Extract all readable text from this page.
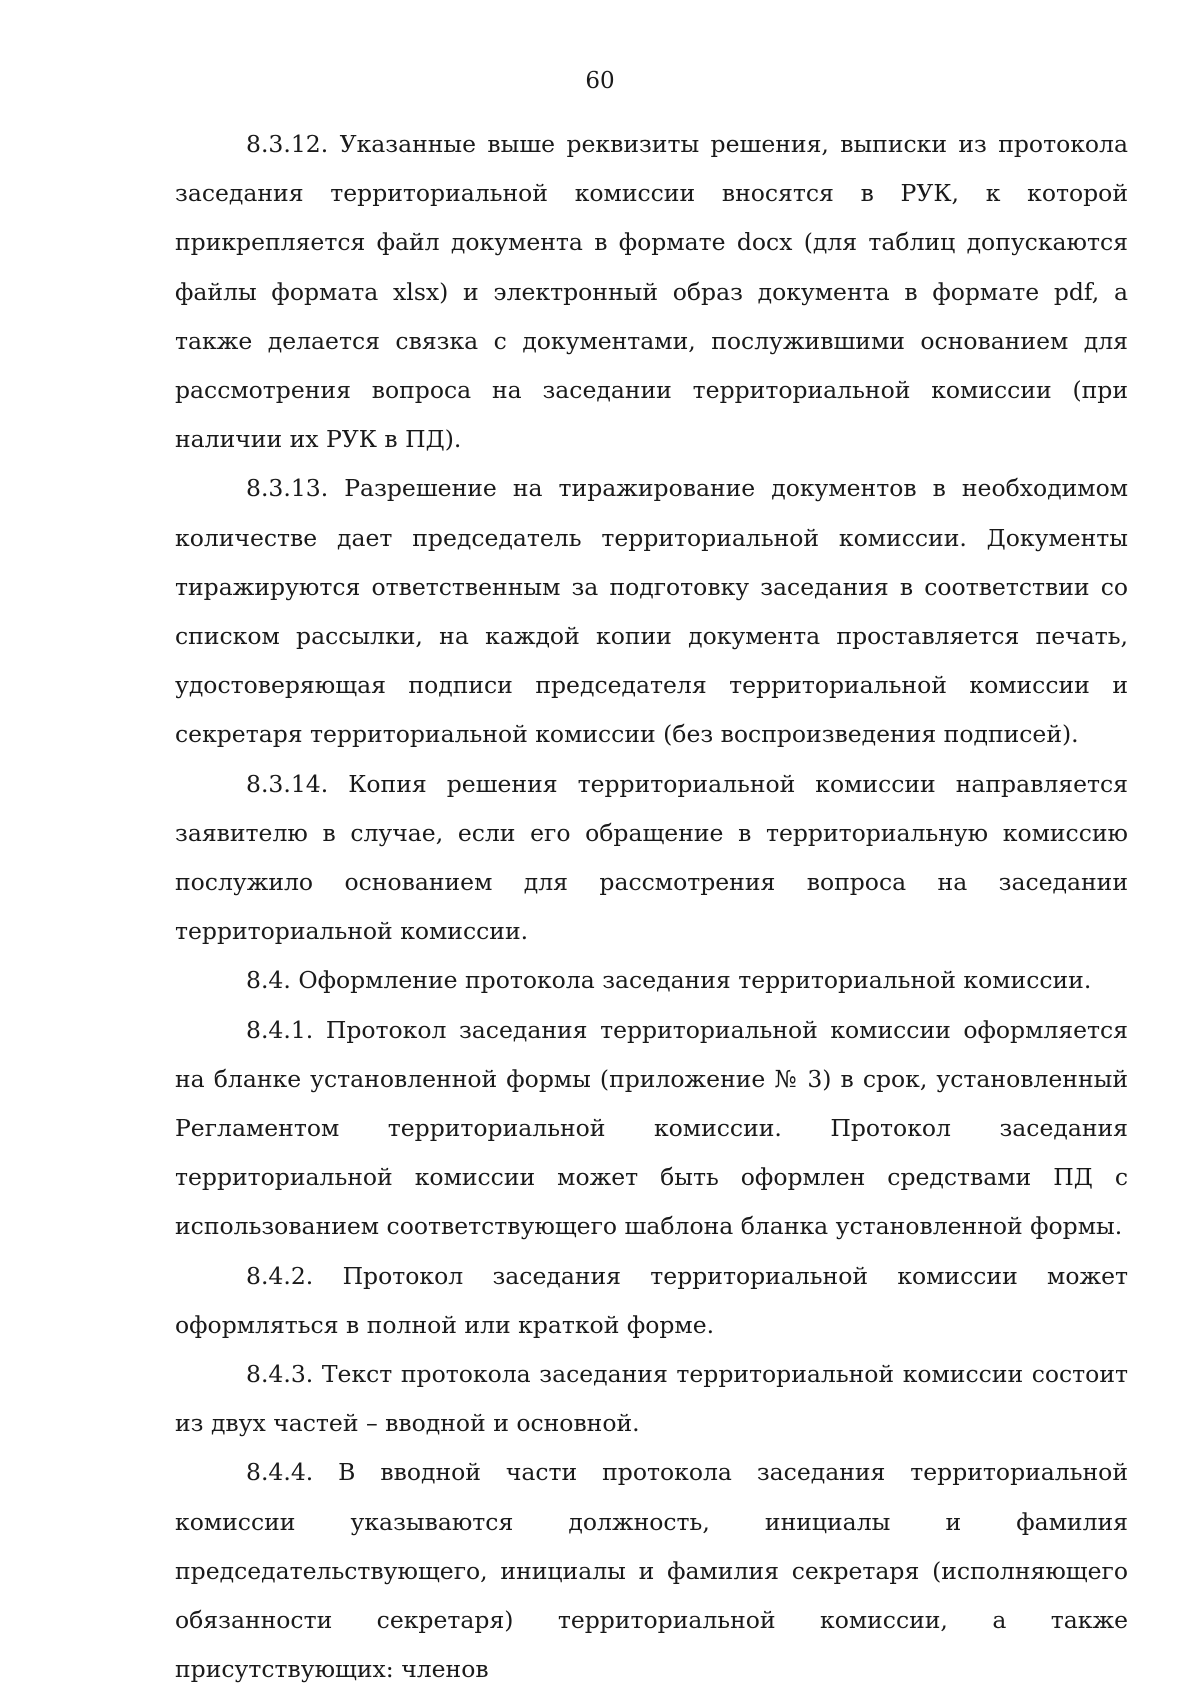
60

8.3.12. Указанные выше реквизиты решения, выписки из протокола заседания территориальной комиссии вносятся в РУК, к которой прикрепляется файл документа в формате docx (для таблиц допускаются файлы формата xlsx) и электронный образ документа в формате pdf, а также делается связка с документами, послужившими основанием для рассмотрения вопроса на заседании территориальной комиссии (при наличии их РУК в ПД).

8.3.13. Разрешение на тиражирование документов в необходимом количестве дает председатель территориальной комиссии. Документы тиражируются ответственным за подготовку заседания в соответствии со списком рассылки, на каждой копии документа проставляется печать, удостоверяющая подписи председателя территориальной комиссии и секретаря территориальной комиссии (без воспроизведения подписей).

8.3.14. Копия решения территориальной комиссии направляется заявителю в случае, если его обращение в территориальную комиссию послужило основанием для рассмотрения вопроса на заседании территориальной комиссии.

8.4. Оформление протокола заседания территориальной комиссии.

8.4.1. Протокол заседания территориальной комиссии оформляется на бланке установленной формы (приложение № 3) в срок, установленный Регламентом территориальной комиссии. Протокол заседания территориальной комиссии может быть оформлен средствами ПД с использованием соответствующего шаблона бланка установленной формы.

8.4.2. Протокол заседания территориальной комиссии может оформляться в полной или краткой форме.

8.4.3. Текст протокола заседания территориальной комиссии состоит из двух частей – вводной и основной.

8.4.4. В вводной части протокола заседания территориальной комиссии указываются должность, инициалы и фамилия председательствующего, инициалы и фамилия секретаря (исполняющего обязанности секретаря) территориальной комиссии, а также присутствующих: членов
